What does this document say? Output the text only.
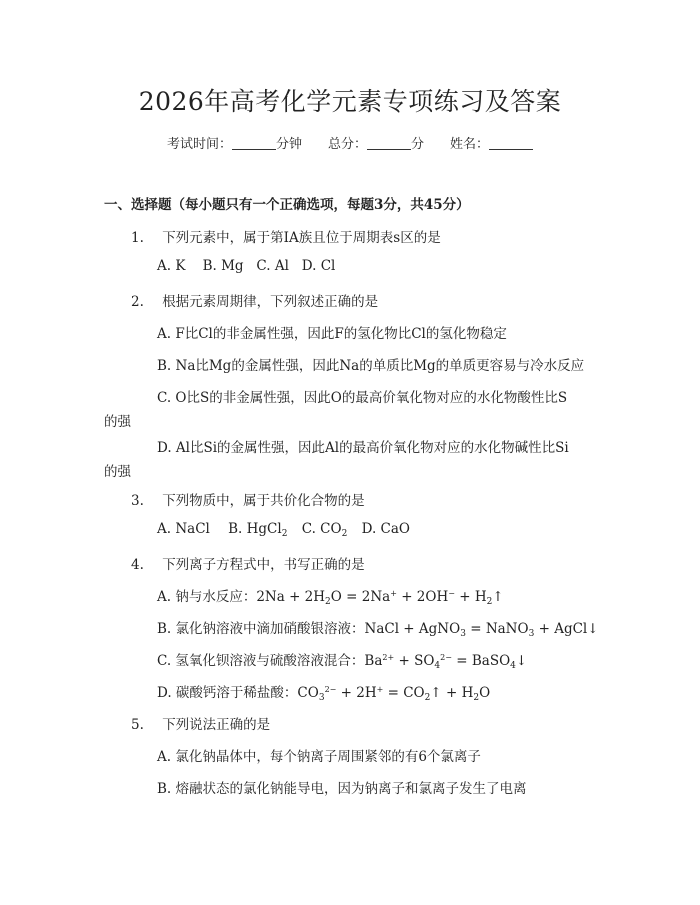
2026年高考化学元素专项练习及答案
考试时间：	分钟 总分：	分 姓名：
一、选择题（每小题只有一个正确选项，每题3分，共45分）
1. 下列元素中，属于第IA族且位于周期表s区的是
A. K    B. Mg   C. Al   D. Cl
2. 根据元素周期律，下列叙述正确的是
A. F比Cl的非金属性强，因此F的氢化物比Cl的氢化物稳定
B. Na比Mg的金属性强，因此Na的单质比Mg的单质更容易与冷水反应
C. O比S的非金属性强，因此O的最高价氧化物对应的水化物酸性比S
的强
D. Al比Si的金属性强，因此Al的最高价氧化物对应的水化物碱性比Si
的强
3. 下列物质中，属于共价化合物的是
A. NaCl B. HgCl$_2$ C. $CO_2$ D. CaO
4. 下列离子方程式中，书写正确的是
A. 钠与水反应：$2Na + 2H_2O = 2Na^+ + 2OH^-$ + $H_2↑$
B. 氯化钠溶液中滴加硝酸银溶液：NaCl + AgNO$_3$ = NaNO$_3$ + AgCl↓
C. 氢氧化钡溶液与硫酸溶液混合：$Ba^{2+} + SO_4^{2-}$ = BaSO$_4$↓
D. 碳酸钙溶于稀盐酸：$CO_3^{2-} + 2H^+$ = $CO_2↑ + H_2O$
5. 下列说法正确的是
A. 氯化钠晶体中，每个钠离子周围紧邻的有6个氯离子
B. 熔融状态的氯化钠能导电，因为钠离子和氯离子发生了电离
